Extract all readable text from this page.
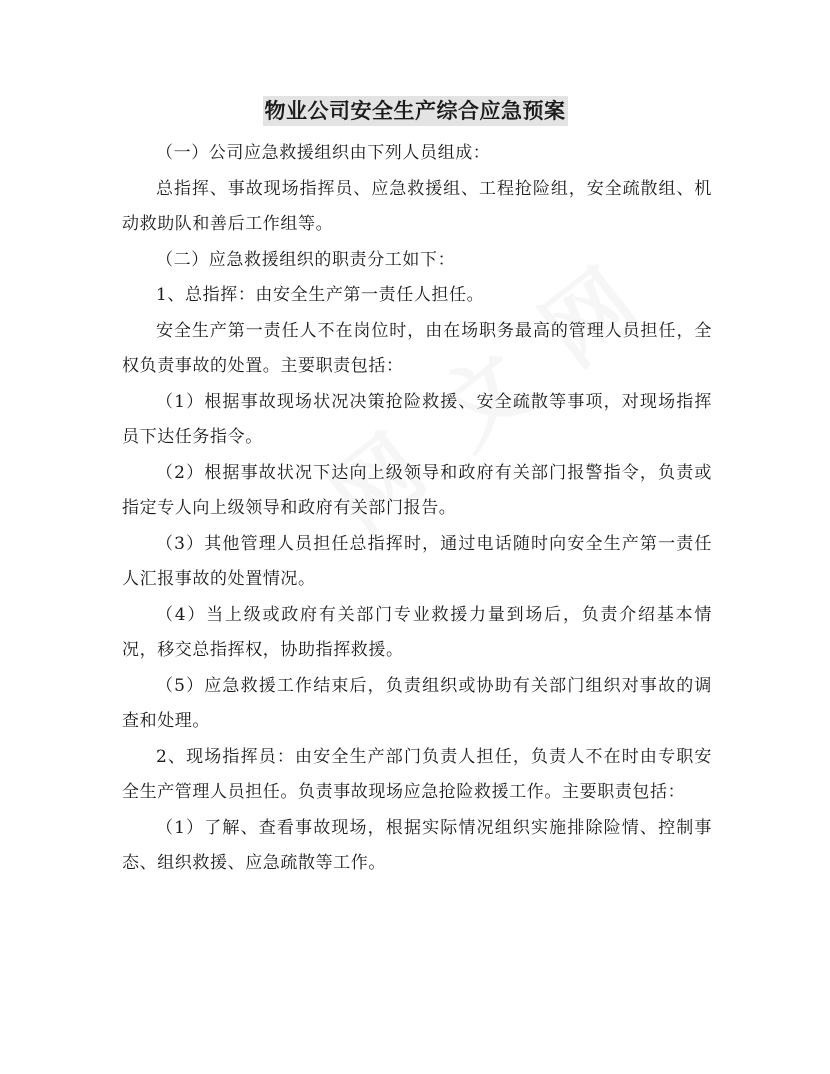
物业公司安全生产综合应急预案

（一）公司应急救援组织由下列人员组成：

总指挥、事故现场指挥员、应急救援组、工程抢险组，安全疏散组、机动救助队和善后工作组等。

（二）应急救援组织的职责分工如下：

1、总指挥：由安全生产第一责任人担任。

安全生产第一责任人不在岗位时，由在场职务最高的管理人员担任，全权负责事故的处置。主要职责包括：

（1）根据事故现场状况决策抢险救援、安全疏散等事项，对现场指挥员下达任务指令。

（2）根据事故状况下达向上级领导和政府有关部门报警指令，负责或指定专人向上级领导和政府有关部门报告。

（3）其他管理人员担任总指挥时，通过电话随时向安全生产第一责任人汇报事故的处置情况。

（4）当上级或政府有关部门专业救援力量到场后，负责介绍基本情况，移交总指挥权，协助指挥救援。

（5）应急救援工作结束后，负责组织或协助有关部门组织对事故的调查和处理。

2、现场指挥员：由安全生产部门负责人担任，负责人不在时由专职安全生产管理人员担任。负责事故现场应急抢险救援工作。主要职责包括：

（1）了解、查看事故现场，根据实际情况组织实施排除险情、控制事态、组织救援、应急疏散等工作。
